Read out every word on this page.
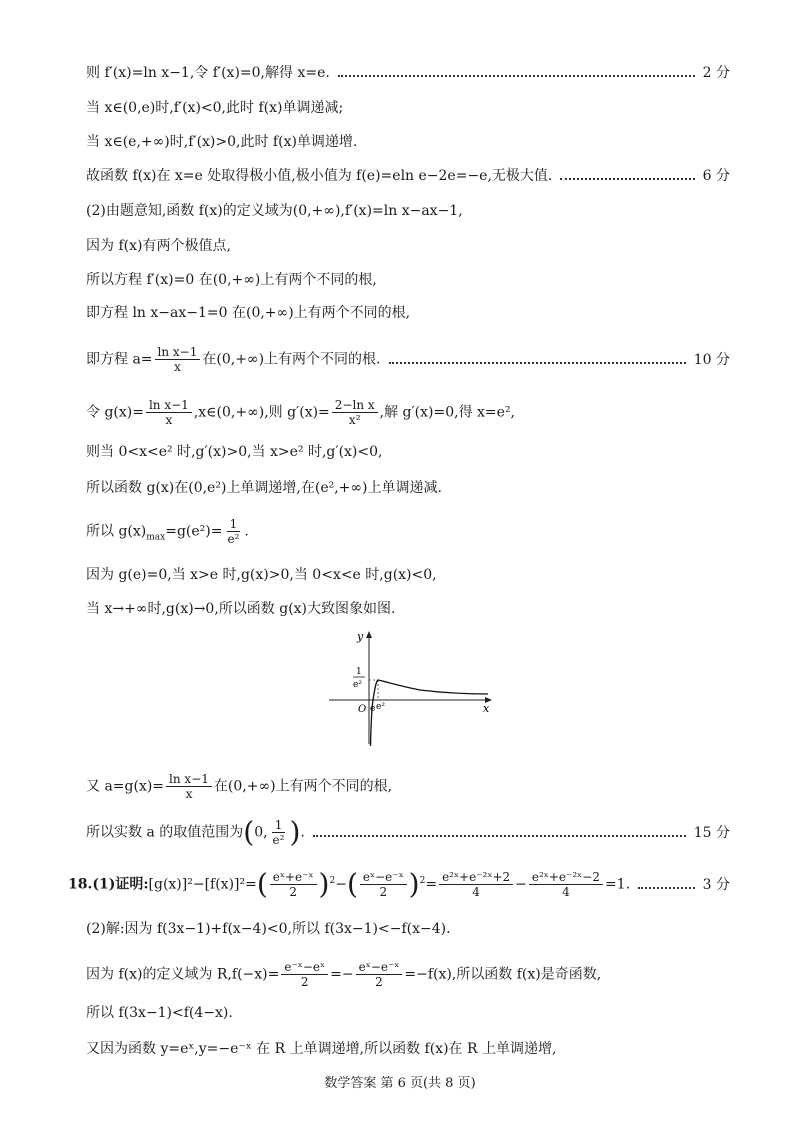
则 f′(x)=ln x−1,令 f′(x)=0,解得 x=e.	2 分
当 x∈(0,e)时,f′(x)<0,此时 f(x)单调递减;
当 x∈(e,+∞)时,f′(x)>0,此时 f(x)单调递增.
故函数 f(x)在 x=e 处取得极小值,极小值为 f(e)=eln e−2e=−e,无极大值.	6 分
(2)由题意知,函数 f(x)的定义域为(0,+∞),f′(x)=ln x−ax−1,
因为 f(x)有两个极值点,
所以方程 f′(x)=0 在(0,+∞)上有两个不同的根,
即方程 ln x−ax−1=0 在(0,+∞)上有两个不同的根,
即方程 $a= \frac{\text{ln x−1}}{x}$ 在(0,+∞)上有两个不同的根.	10 分
令 $g(x)= \frac{\text{ln x−1}}{x}$ ,x∈(0,+∞),则 $g'(x)= \frac{\text{2−ln x}}{\text{x²}}$ ,解 g′(x)=0,得 x=e²,
则当 0<x<e² 时,g′(x)>0,当 x>e² 时,g′(x)<0,
所以函数 g(x)在(0,e²)上单调递增,在(e²,+∞)上单调递减.
所以 $g(x)_{max}=g(e^2)= \frac{1}{\text{e²}}$ .
因为 g(e)=0,当 x>e 时,g(x)>0,当 0<x<e 时,g(x)<0,
当 x→+∞时,g(x)→0,所以函数 g(x)大致图象如图.
y
x
O e e²
1
e²
又 $a=g(x)= \frac{\text{ln x−1}}{x}$ 在(0,+∞)上有两个不同的根,
所以实数 a 的取值范围为(0, $\frac{1}{\text{e²}}$ ).	15 分
18.(1)证明:[g(x)]²−[f(x)]²=( $\frac{\text{eˣ+e⁻ˣ}}{2} )^2-( \frac{\text{eˣ−e⁻ˣ}}{2} )^2= \frac{\text{e²ˣ+e⁻²ˣ+2}}{4} - \frac{\text{e²ˣ+e⁻²ˣ−2}}{4} =1$.	3 分
(2)解:因为 f(3x−1)+f(x−4)<0,所以 f(3x−1)<−f(x−4).
因为 f(x)的定义域为 $R,f(-x)= \frac{\text{e⁻ˣ−eˣ}}{2} =- \frac{\text{eˣ−e⁻ˣ}}{2} =-f(x)$,所以函数 f(x)是奇函数,
所以 f(3x−1)<f(4−x).
又因为函数 y=eˣ,y=−e⁻ˣ 在 R 上单调递增,所以函数 f(x)在 R 上单调递增,
数学答案 第 6 页(共 8 页)
